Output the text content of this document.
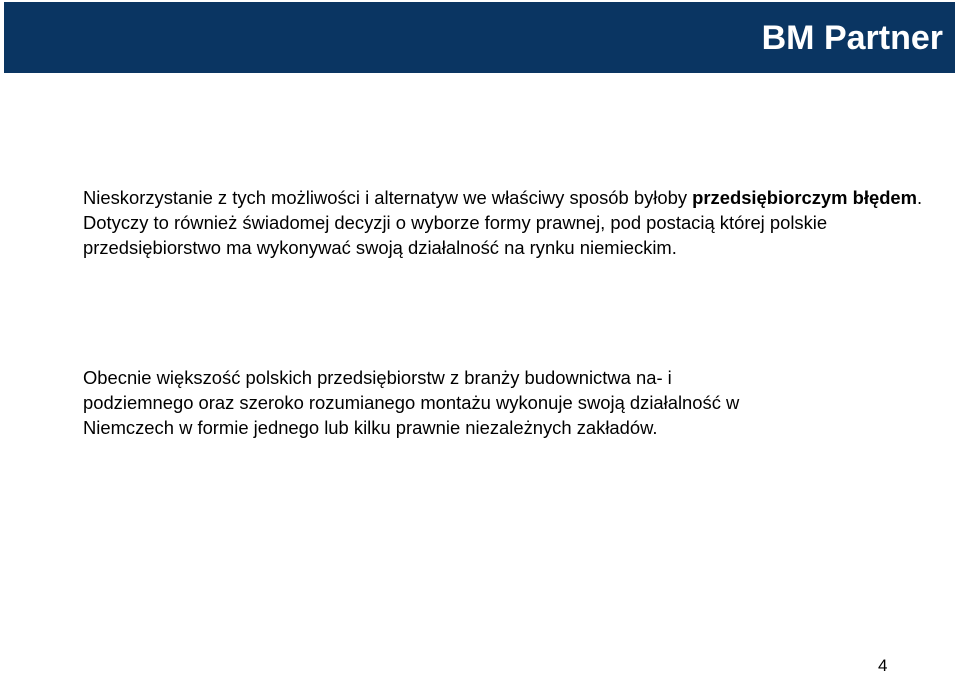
BM Partner

Nieskorzystanie z tych możliwości i alternatyw we właściwy sposób byłoby przedsiębiorczym błędem. Dotyczy to również świadomej decyzji o wyborze formy prawnej, pod postacią której polskie przedsiębiorstwo ma wykonywać swoją działalność na rynku niemieckim.

Obecnie większość polskich przedsiębiorstw z branży budownictwa na- i
podziemnego oraz szeroko rozumianego montażu wykonuje swoją działalność w
Niemczech w formie jednego lub kilku prawnie niezależnych zakładów.

4
